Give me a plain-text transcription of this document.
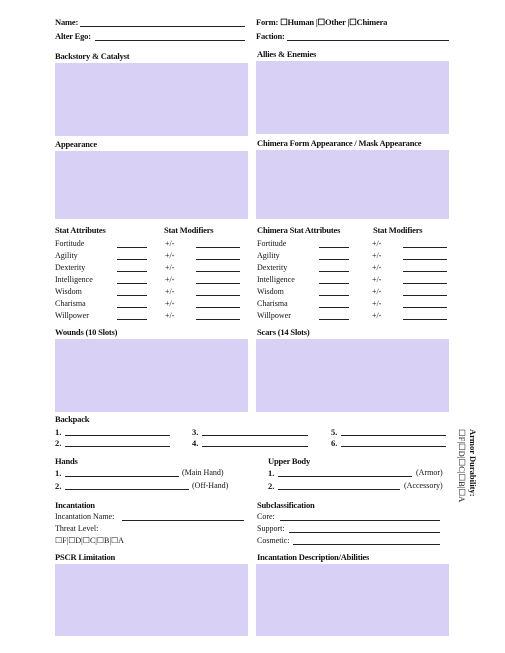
Name:
Alter Ego:
Form: ☐Human |☐Other |☐Chimera
Faction:
Backstory & Catalyst	Allies & Enemies
Appearance	Chimera Form Appearance / Mask Appearance
Stat Attributes	Stat Modifiers
Fortitude	+/-
Agility	+/-
Dexterity	+/-
Intelligence	+/-
Wisdom	+/-
Charisma	+/-
Willpower	+/-
Chimera Stat Attributes	Stat Modifiers
Fortitude	+/-
Agility	+/-
Dexterity	+/-
Intelligence	+/-
Wisdom	+/-
Charisma	+/-
Willpower	+/-
Wounds (10 Slots)	Scars (14 Slots)
Backpack
1.
2.
3.
4.
5.
6.
Hands
1.	(Main Hand)
2.	(Off-Hand)
Upper Body
1.	(Armor)
2.	(Accessory)
Incantation
Incantation Name:
Threat Level:
☐F|☐D|☐C|☐B|☐A
Subclassification
Core:
Support:
Cosmetic:
PSCR Limitation	Incantation Description/Abilities
Armor Durability:
☐F|☐D|☐C|☐B|☐A
